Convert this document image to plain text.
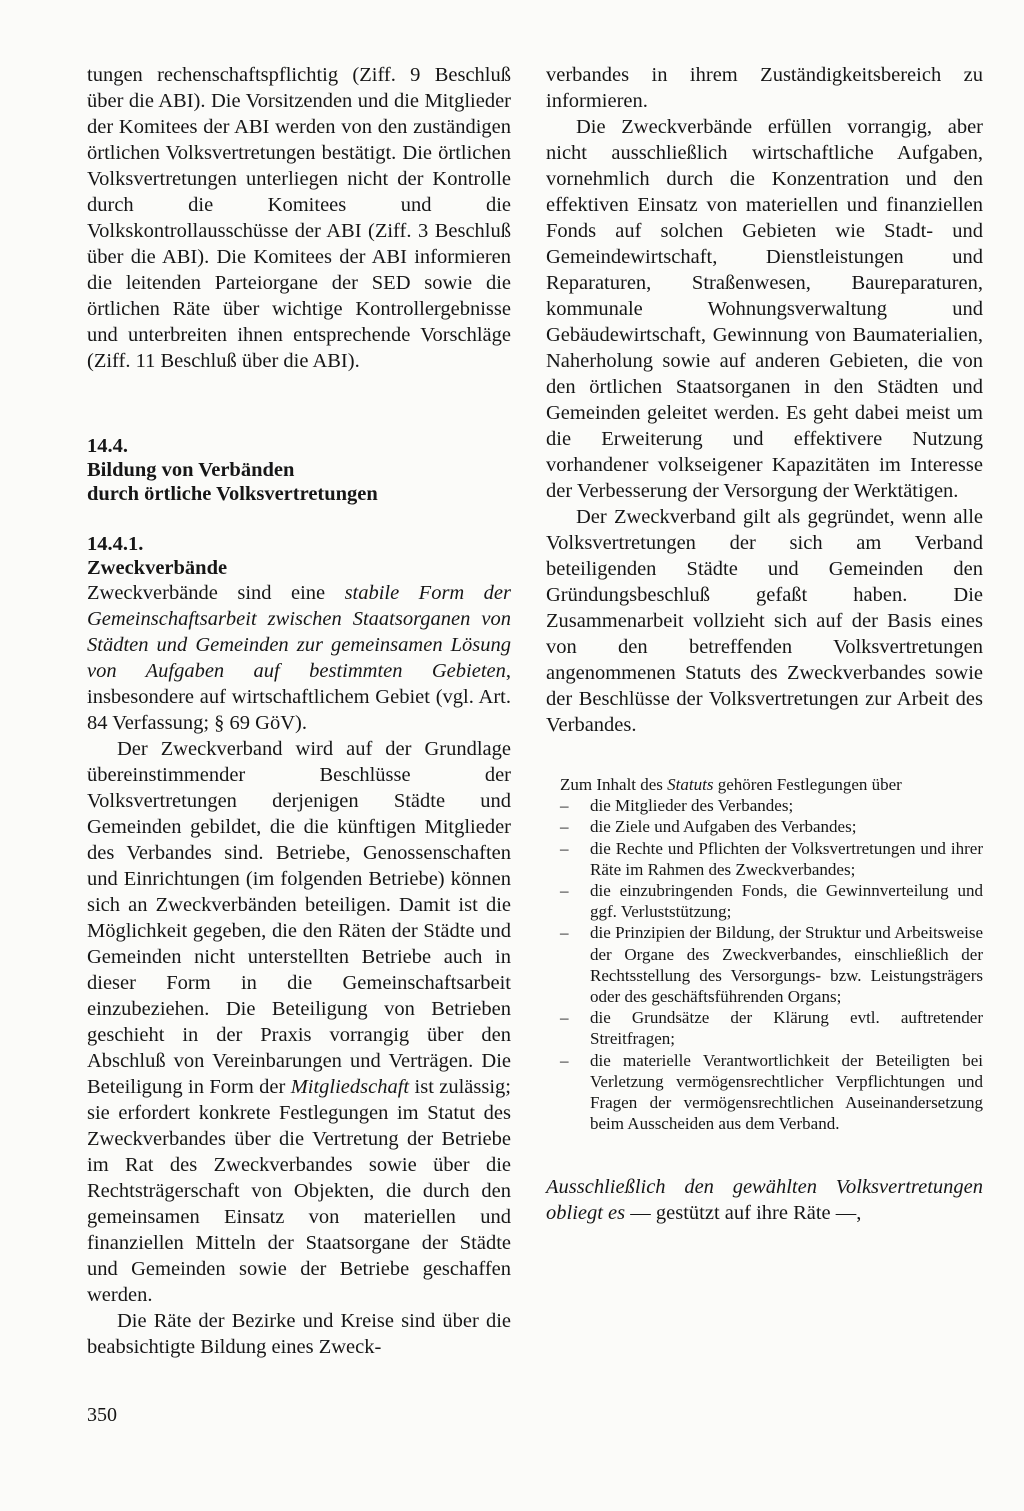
tungen rechenschaftspflichtig (Ziff. 9 Beschluß über die ABI). Die Vorsitzenden und die Mitglieder der Komitees der ABI werden von den zuständigen örtlichen Volksvertretungen bestätigt. Die örtlichen Volksvertretungen unterliegen nicht der Kontrolle durch die Komitees und die Volkskontrollausschüsse der ABI (Ziff. 3 Beschluß über die ABI). Die Komitees der ABI informieren die leitenden Parteiorgane der SED sowie die örtlichen Räte über wichtige Kontrollergebnisse und unterbreiten ihnen entsprechende Vorschläge (Ziff. 11 Beschluß über die ABI).

14.4.
Bildung von Verbänden
durch örtliche Volksvertretungen
14.4.1.
Zweckverbände

Zweckverbände sind eine stabile Form der Gemeinschaftsarbeit zwischen Staatsorganen von Städten und Gemeinden zur gemeinsamen Lösung von Aufgaben auf bestimmten Gebieten, insbesondere auf wirtschaftlichem Gebiet (vgl. Art. 84 Verfassung; § 69 GöV).

Der Zweckverband wird auf der Grundlage übereinstimmender Beschlüsse der Volksvertretungen derjenigen Städte und Gemeinden gebildet, die die künftigen Mitglieder des Verbandes sind. Betriebe, Genossenschaften und Einrichtungen (im folgenden Betriebe) können sich an Zweckverbänden beteiligen. Damit ist die Möglichkeit gegeben, die den Räten der Städte und Gemeinden nicht unterstellten Betriebe auch in dieser Form in die Gemeinschaftsarbeit einzubeziehen. Die Beteiligung von Betrieben geschieht in der Praxis vorrangig über den Abschluß von Vereinbarungen und Verträgen. Die Beteiligung in Form der Mitgliedschaft ist zulässig; sie erfordert konkrete Festlegungen im Statut des Zweckverbandes über die Vertretung der Betriebe im Rat des Zweckverbandes sowie über die Rechtsträgerschaft von Objekten, die durch den gemeinsamen Einsatz von materiellen und finanziellen Mitteln der Staatsorgane der Städte und Gemeinden sowie der Betriebe geschaffen werden.

Die Räte der Bezirke und Kreise sind über die beabsichtigte Bildung eines Zweck-

verbandes in ihrem Zuständigkeitsbereich zu informieren.

Die Zweckverbände erfüllen vorrangig, aber nicht ausschließlich wirtschaftliche Aufgaben, vornehmlich durch die Konzentration und den effektiven Einsatz von materiellen und finanziellen Fonds auf solchen Gebieten wie Stadt- und Gemeindewirtschaft, Dienstleistungen und Reparaturen, Straßenwesen, Baureparaturen, kommunale Wohnungsverwaltung und Gebäudewirtschaft, Gewinnung von Baumaterialien, Naherholung sowie auf anderen Gebieten, die von den örtlichen Staatsorganen in den Städten und Gemeinden geleitet werden. Es geht dabei meist um die Erweiterung und effektivere Nutzung vorhandener volkseigener Kapazitäten im Interesse der Verbesserung der Versorgung der Werktätigen.

Der Zweckverband gilt als gegründet, wenn alle Volksvertretungen der sich am Verband beteiligenden Städte und Gemeinden den Gründungsbeschluß gefaßt haben. Die Zusammenarbeit vollzieht sich auf der Basis eines von den betreffenden Volksvertretungen angenommenen Statuts des Zweckverbandes sowie der Beschlüsse der Volksvertretungen zur Arbeit des Verbandes.

Zum Inhalt des Statuts gehören Festlegungen über

– die Mitglieder des Verbandes;
– die Ziele und Aufgaben des Verbandes;
– die Rechte und Pflichten der Volksvertretungen und ihrer Räte im Rahmen des Zweckverbandes;
– die einzubringenden Fonds, die Gewinnverteilung und ggf. Verluststützung;
– die Prinzipien der Bildung, der Struktur und Arbeitsweise der Organe des Zweckverbandes, einschließlich der Rechtsstellung des Versorgungs- bzw. Leistungsträgers oder des geschäftsführenden Organs;
– die Grundsätze der Klärung evtl. auftretender Streitfragen;
– die materielle Verantwortlichkeit der Beteiligten bei Verletzung vermögensrechtlicher Verpflichtungen und Fragen der vermögensrechtlichen Auseinandersetzung beim Ausscheiden aus dem Verband.

Ausschließlich den gewählten Volksvertretungen obliegt es — gestützt auf ihre Räte —,

350
